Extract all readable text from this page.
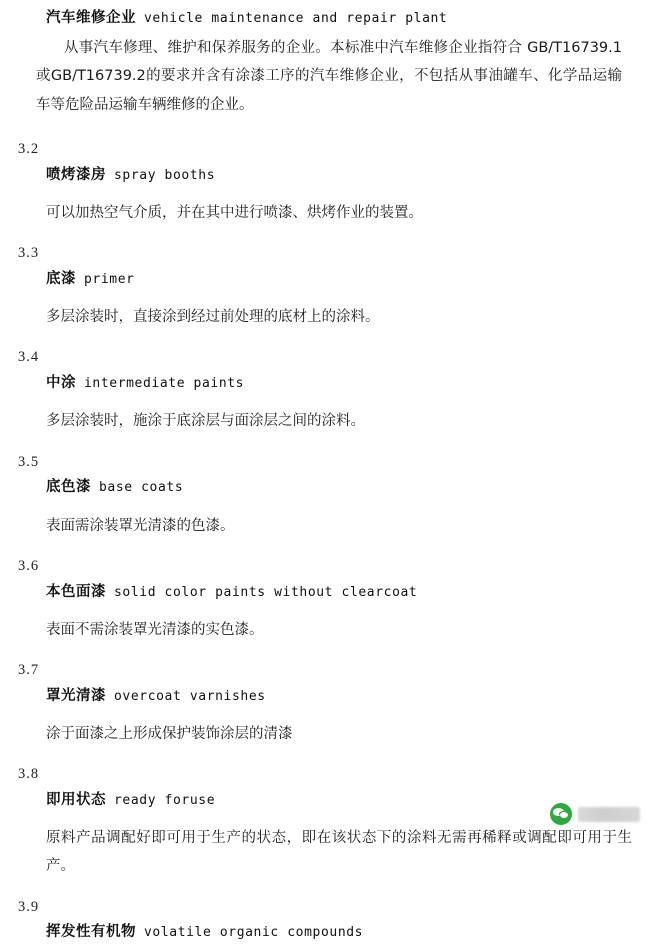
汽车维修企业 vehicle maintenance and repair plant
从事汽车修理、维护和保养服务的企业。本标准中汽车维修企业指符合 GB/T16739.1或GB/T16739.2的要求并含有涂漆工序的汽车维修企业，不包括从事油罐车、化学品运输车等危险品运输车辆维修的企业。
3.2
喷烤漆房 spray booths
可以加热空气介质，并在其中进行喷漆、烘烤作业的装置。
3.3
底漆 primer
多层涂装时，直接涂到经过前处理的底材上的涂料。
3.4
中涂 intermediate paints
多层涂装时，施涂于底涂层与面涂层之间的涂料。
3.5
底色漆 base coats
表面需涂装罩光清漆的色漆。
3.6
本色面漆 solid color paints without clearcoat
表面不需涂装罩光清漆的实色漆。
3.7
罩光清漆 overcoat varnishes
涂于面漆之上形成保护装饰涂层的清漆
3.8
即用状态 ready foruse
原料产品调配好即可用于生产的状态，即在该状态下的涂料无需再稀释或调配即可用于生产。
3.9
挥发性有机物 volatile organic compounds
